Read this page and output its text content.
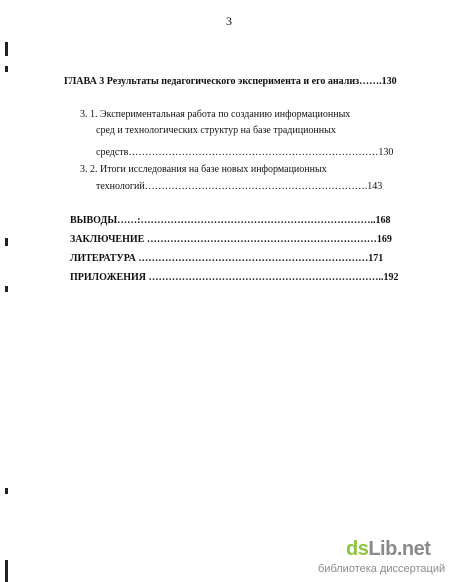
3
ГЛАВА 3 Результаты педагогического эксперимента и его анализ…….130
3. 1. Экспериментальная работа по созданию информационных
сред и технологических структур на базе традиционных
средств…………………………………………………………………130
3. 2. Итоги исследования на базе новых информационных
технологий………………………………………………………….143
ВЫВОДЫ……:……………………………………………………………..168
ЗАКЛЮЧЕНИЕ ……………………………………………………………169
ЛИТЕРАТУРА ……………………………………………………………171
ПРИЛОЖЕНИЯ ……………………………………………………………..192
dsLib.net
библиотека диссертаций
